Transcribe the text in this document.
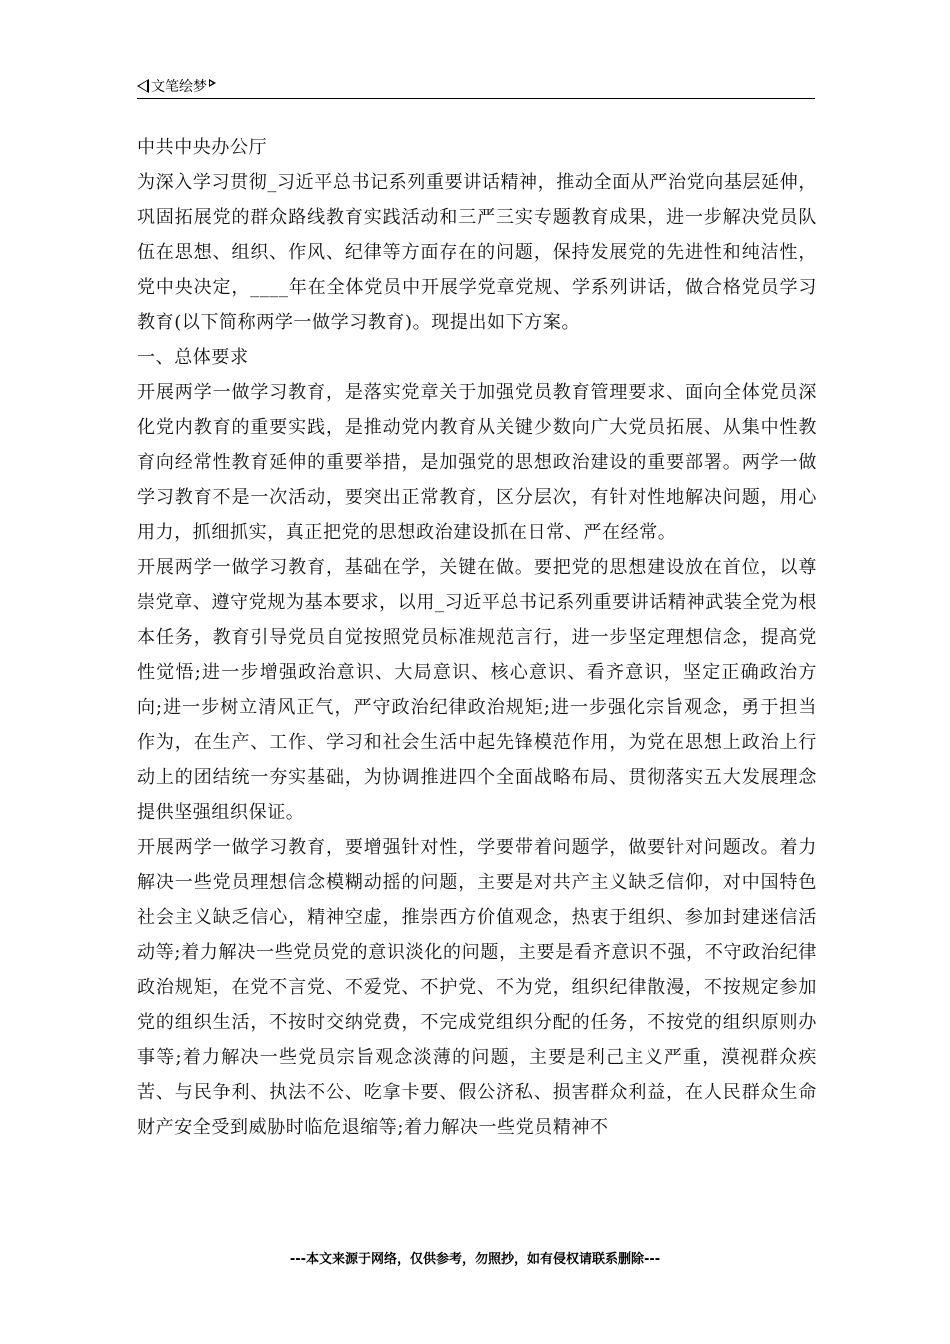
文笔绘梦

中共中央办公厅

为深入学习贯彻_习近平总书记系列重要讲话精神，推动全面从严治党向基层延伸，巩固拓展党的群众路线教育实践活动和三严三实专题教育成果，进一步解决党员队伍在思想、组织、作风、纪律等方面存在的问题，保持发展党的先进性和纯洁性，党中央决定，____年在全体党员中开展学党章党规、学系列讲话，做合格党员学习教育(以下简称两学一做学习教育)。现提出如下方案。

一、总体要求

开展两学一做学习教育，是落实党章关于加强党员教育管理要求、面向全体党员深化党内教育的重要实践，是推动党内教育从关键少数向广大党员拓展、从集中性教育向经常性教育延伸的重要举措，是加强党的思想政治建设的重要部署。两学一做学习教育不是一次活动，要突出正常教育，区分层次，有针对性地解决问题，用心用力，抓细抓实，真正把党的思想政治建设抓在日常、严在经常。

开展两学一做学习教育，基础在学，关键在做。要把党的思想建设放在首位，以尊崇党章、遵守党规为基本要求，以用_习近平总书记系列重要讲话精神武装全党为根本任务，教育引导党员自觉按照党员标准规范言行，进一步坚定理想信念，提高党性觉悟;进一步增强政治意识、大局意识、核心意识、看齐意识，坚定正确政治方向;进一步树立清风正气，严守政治纪律政治规矩;进一步强化宗旨观念，勇于担当作为，在生产、工作、学习和社会生活中起先锋模范作用，为党在思想上政治上行动上的团结统一夯实基础，为协调推进四个全面战略布局、贯彻落实五大发展理念提供坚强组织保证。

开展两学一做学习教育，要增强针对性，学要带着问题学，做要针对问题改。着力解决一些党员理想信念模糊动摇的问题，主要是对共产主义缺乏信仰，对中国特色社会主义缺乏信心，精神空虚，推崇西方价值观念，热衷于组织、参加封建迷信活动等;着力解决一些党员党的意识淡化的问题，主要是看齐意识不强，不守政治纪律政治规矩，在党不言党、不爱党、不护党、不为党，组织纪律散漫，不按规定参加党的组织生活，不按时交纳党费，不完成党组织分配的任务，不按党的组织原则办事等;着力解决一些党员宗旨观念淡薄的问题，主要是利己主义严重，漠视群众疾苦、与民争利、执法不公、吃拿卡要、假公济私、损害群众利益，在人民群众生命财产安全受到威胁时临危退缩等;着力解决一些党员精神不

---本文来源于网络，仅供参考，勿照抄，如有侵权请联系删除---
